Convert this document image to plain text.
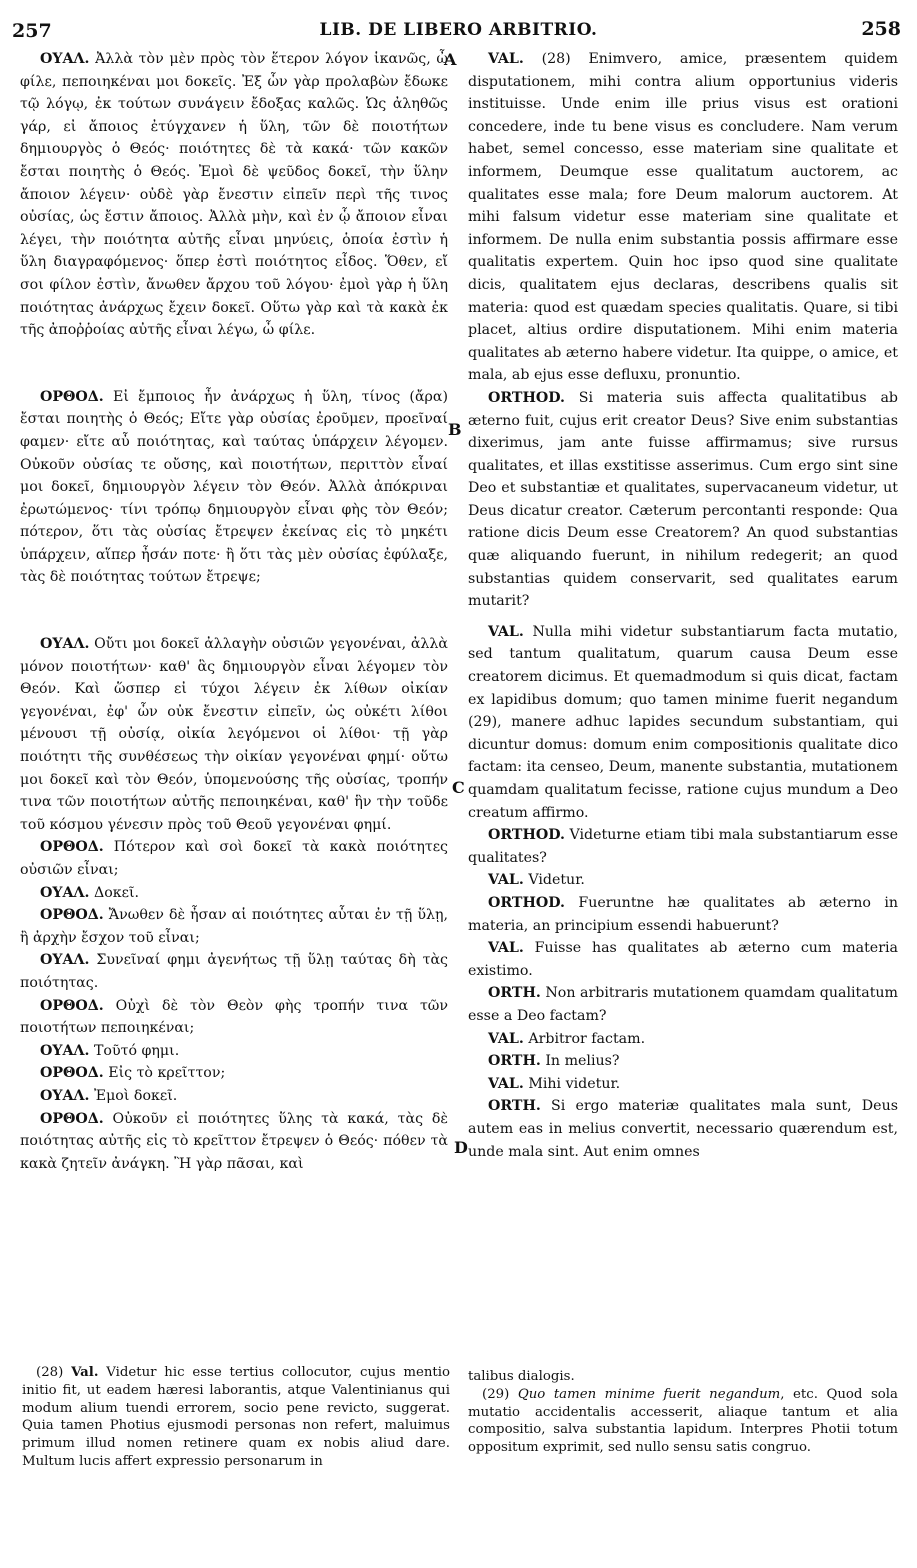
257	LIB. DE LIBERO ARBITRIO.	258
A
B
C
D

ΟΥΑΛ. Ἀλλὰ τὸν μὲν πρὸς τὸν ἕτερον λόγον ἱκανῶς, ὦ φίλε, πεποιηκέναι μοι δοκεῖς. Ἐξ ὧν γὰρ προλαβὼν ἔδωκε τῷ λόγῳ, ἐκ τούτων συνάγειν ἔδοξας καλῶς. Ὡς ἀληθῶς γάρ, εἰ ἄποιος ἐτύγχανεν ἡ ὕλη, τῶν δὲ ποιοτήτων δημιουργὸς ὁ Θεός· ποιότητες δὲ τὰ κακά· τῶν κακῶν ἔσται ποιητὴς ὁ Θεός. Ἐμοὶ δὲ ψεῦδος δοκεῖ, τὴν ὕλην ἄποιον λέγειν· οὐδὲ γὰρ ἔνεστιν εἰπεῖν περὶ τῆς τινος οὐσίας, ὡς ἔστιν ἄποιος. Ἀλλὰ μὴν, καὶ ἐν ᾧ ἄποιον εἶναι λέγει, τὴν ποιότητα αὐτῆς εἶναι μηνύεις, ὁποία ἐστὶν ἡ ὕλη διαγραφόμενος· ὅπερ ἐστὶ ποιότητος εἶδος. Ὅθεν, εἴ σοι φίλον ἐστὶν, ἄνωθεν ἄρχου τοῦ λόγου· ἐμοὶ γὰρ ἡ ὕλη ποιότητας ἀνάρχως ἔχειν δοκεῖ. Οὕτω γὰρ καὶ τὰ κακὰ ἐκ τῆς ἀποῤῥοίας αὐτῆς εἶναι λέγω, ὦ φίλε.

ΟΡΘΟΔ. Εἰ ἔμποιος ἦν ἀνάρχως ἡ ὕλη, τίνος (ἄρα) ἔσται ποιητὴς ὁ Θεός; Εἴτε γὰρ οὐσίας ἐροῦμεν, προεῖναί φαμεν· εἴτε αὖ ποιότητας, καὶ ταύτας ὑπάρχειν λέγομεν. Οὐκοῦν οὐσίας τε οὔσης, καὶ ποιοτήτων, περιττὸν εἶναί μοι δοκεῖ, δημιουργὸν λέγειν τὸν Θεόν. Ἀλλὰ ἀπόκριναι ἐρωτώμενος· τίνι τρόπῳ δημιουργὸν εἶναι φὴς τὸν Θεόν; πότερον, ὅτι τὰς οὐσίας ἔτρεψεν ἐκείνας εἰς τὸ μηκέτι ὑπάρχειν, αἵπερ ἦσάν ποτε· ἢ ὅτι τὰς μὲν οὐσίας ἐφύλαξε, τὰς δὲ ποιότητας τούτων ἔτρεψε;

ΟΥΑΛ. Οὔτι μοι δοκεῖ ἀλλαγὴν οὐσιῶν γεγονέναι, ἀλλὰ μόνον ποιοτήτων· καθ' ἃς δημιουργὸν εἶναι λέγομεν τὸν Θεόν. Καὶ ὥσπερ εἰ τύχοι λέγειν ἐκ λίθων οἰκίαν γεγονέναι, ἐφ' ὧν οὐκ ἔνεστιν εἰπεῖν, ὡς οὐκέτι λίθοι μένουσι τῇ οὐσίᾳ, οἰκία λεγόμενοι οἱ λίθοι· τῇ γὰρ ποιότητι τῆς συνθέσεως τὴν οἰκίαν γεγονέναι φημί· οὕτω μοι δοκεῖ καὶ τὸν Θεόν, ὑπομενούσης τῆς οὐσίας, τροπήν τινα τῶν ποιοτήτων αὐτῆς πεποιηκέναι, καθ' ἣν τὴν τοῦδε τοῦ κόσμου γένεσιν πρὸς τοῦ Θεοῦ γεγονέναι φημί.

ΟΡΘΟΔ. Πότερον καὶ σοὶ δοκεῖ τὰ κακὰ ποιότητες οὐσιῶν εἶναι;

ΟΥΑΛ. Δοκεῖ.

ΟΡΘΟΔ. Ἄνωθεν δὲ ἦσαν αἱ ποιότητες αὗται ἐν τῇ ὕλῃ, ἢ ἀρχὴν ἔσχον τοῦ εἶναι;

ΟΥΑΛ. Συνεῖναί φημι ἀγενήτως τῇ ὕλῃ ταύτας δὴ τὰς ποιότητας.

ΟΡΘΟΔ. Οὐχὶ δὲ τὸν Θεὸν φὴς τροπήν τινα τῶν ποιοτήτων πεποιηκέναι;

ΟΥΑΛ. Τοῦτό φημι.

ΟΡΘΟΔ. Εἰς τὸ κρεῖττον;

ΟΥΑΛ. Ἐμοὶ δοκεῖ.

ΟΡΘΟΔ. Οὐκοῦν εἰ ποιότητες ὕλης τὰ κακά, τὰς δὲ ποιότητας αὐτῆς εἰς τὸ κρεῖττον ἔτρεψεν ὁ Θεός· πόθεν τὰ κακὰ ζητεῖν ἀνάγκη. Ἢ γὰρ πᾶσαι, καὶ

VAL. (28) Enimvero, amice, præsentem quidem disputationem, mihi contra alium opportunius videris instituisse. Unde enim ille prius visus est orationi concedere, inde tu bene visus es concludere. Nam verum habet, semel concesso, esse materiam sine qualitate et informem, Deumque esse qualitatum auctorem, ac qualitates esse mala; fore Deum malorum auctorem. At mihi falsum videtur esse materiam sine qualitate et informem. De nulla enim substantia possis affirmare esse qualitatis expertem. Quin hoc ipso quod sine qualitate dicis, qualitatem ejus declaras, describens qualis sit materia: quod est quædam species qualitatis. Quare, si tibi placet, altius ordire disputationem. Mihi enim materia qualitates ab æterno habere videtur. Ita quippe, o amice, et mala, ab ejus esse defluxu, pronuntio.

ORTHOD. Si materia suis affecta qualitatibus ab æterno fuit, cujus erit creator Deus? Sive enim substantias dixerimus, jam ante fuisse affirmamus; sive rursus qualitates, et illas exstitisse asserimus. Cum ergo sint sine Deo et substantiæ et qualitates, supervacaneum videtur, ut Deus dicatur creator. Cæterum percontanti responde: Qua ratione dicis Deum esse Creatorem? An quod substantias quæ aliquando fuerunt, in nihilum redegerit; an quod substantias quidem conservarit, sed qualitates earum mutarit?

VAL. Nulla mihi videtur substantiarum facta mutatio, sed tantum qualitatum, quarum causa Deum esse creatorem dicimus. Et quemadmodum si quis dicat, factam ex lapidibus domum; quo tamen minime fuerit negandum (29), manere adhuc lapides secundum substantiam, qui dicuntur domus: domum enim compositionis qualitate dico factam: ita censeo, Deum, manente substantia, mutationem quamdam qualitatum fecisse, ratione cujus mundum a Deo creatum affirmo.

ORTHOD. Videturne etiam tibi mala substantiarum esse qualitates?

VAL. Videtur.

ORTHOD. Fueruntne hæ qualitates ab æterno in materia, an principium essendi habuerunt?

VAL. Fuisse has qualitates ab æterno cum materia existimo.

ORTH. Non arbitraris mutationem quamdam qualitatum esse a Deo factam?

VAL. Arbitror factam.

ORTH. In melius?

VAL. Mihi videtur.

ORTH. Si ergo materiæ qualitates mala sunt, Deus autem eas in melius convertit, necessario quærendum est, unde mala sint. Aut enim omnes

(28) Val. Videtur hic esse tertius collocutor, cujus mentio initio fit, ut eadem hæresi laborantis, atque Valentinianus qui modum alium tuendi errorem, socio pene revicto, suggerat. Quia tamen Photius ejusmodi personas non refert, maluimus primum illud nomen retinere quam ex nobis aliud dare. Multum lucis affert expressio personarum in

talibus dialogis.

(29) Quo tamen minime fuerit negandum, etc. Quod sola mutatio accidentalis accesserit, aliaque tantum et alia compositio, salva substantia lapidum. Interpres Photii totum oppositum exprimit, sed nullo sensu satis congruo.
